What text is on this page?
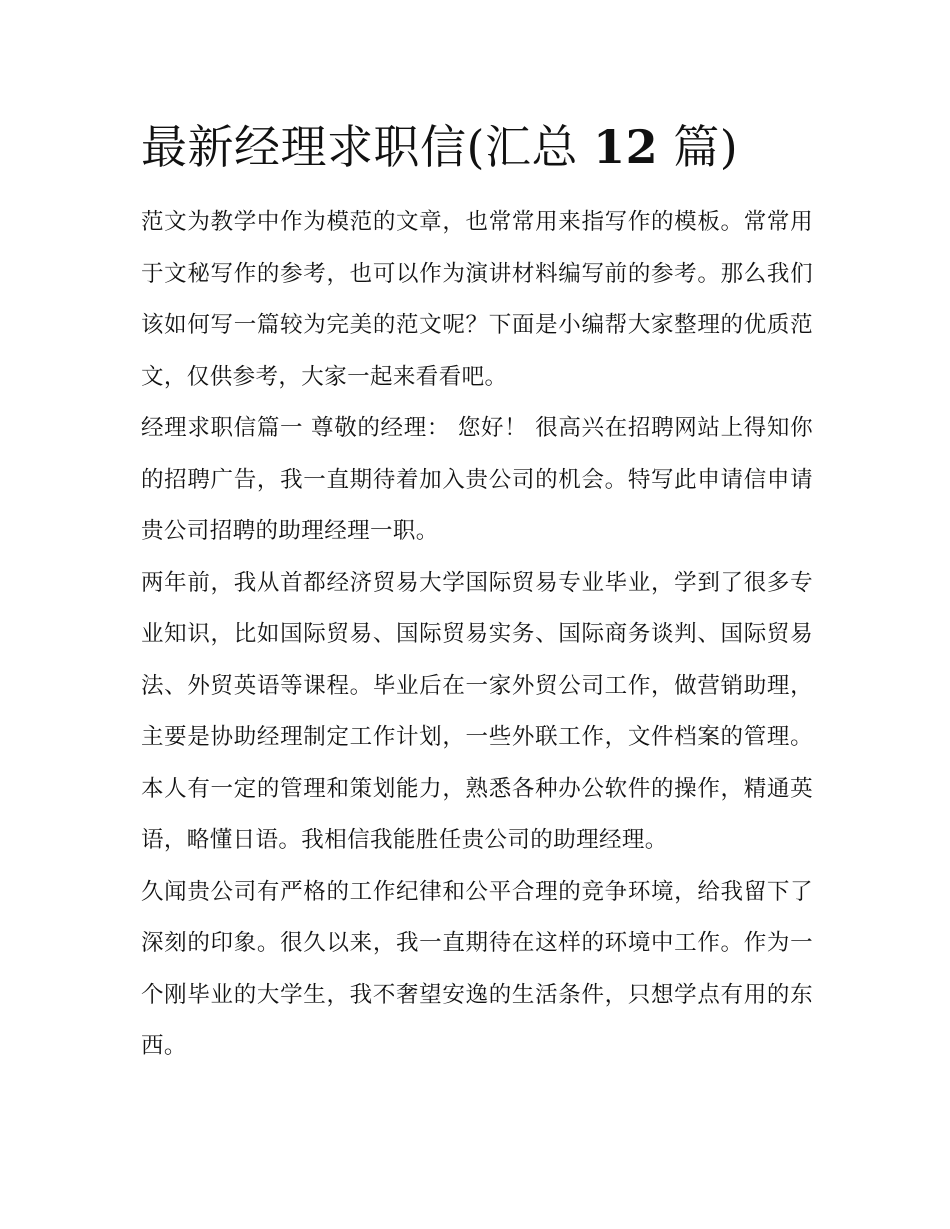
最新经理求职信(汇总 12 篇)

范文为教学中作为模范的文章，也常常用来指写作的模板。常常用于文秘写作的参考，也可以作为演讲材料编写前的参考。那么我们该如何写一篇较为完美的范文呢？下面是小编帮大家整理的优质范文，仅供参考，大家一起来看看吧。

经理求职信篇一 尊敬的经理： 您好！ 很高兴在招聘网站上得知你的招聘广告，我一直期待着加入贵公司的机会。特写此申请信申请贵公司招聘的助理经理一职。

两年前，我从首都经济贸易大学国际贸易专业毕业，学到了很多专业知识，比如国际贸易、国际贸易实务、国际商务谈判、国际贸易法、外贸英语等课程。毕业后在一家外贸公司工作，做营销助理，主要是协助经理制定工作计划，一些外联工作，文件档案的管理。本人有一定的管理和策划能力，熟悉各种办公软件的操作，精通英语，略懂日语。我相信我能胜任贵公司的助理经理。

久闻贵公司有严格的工作纪律和公平合理的竞争环境，给我留下了深刻的印象。很久以来，我一直期待在这样的环境中工作。作为一个刚毕业的大学生，我不奢望安逸的生活条件，只想学点有用的东西。
